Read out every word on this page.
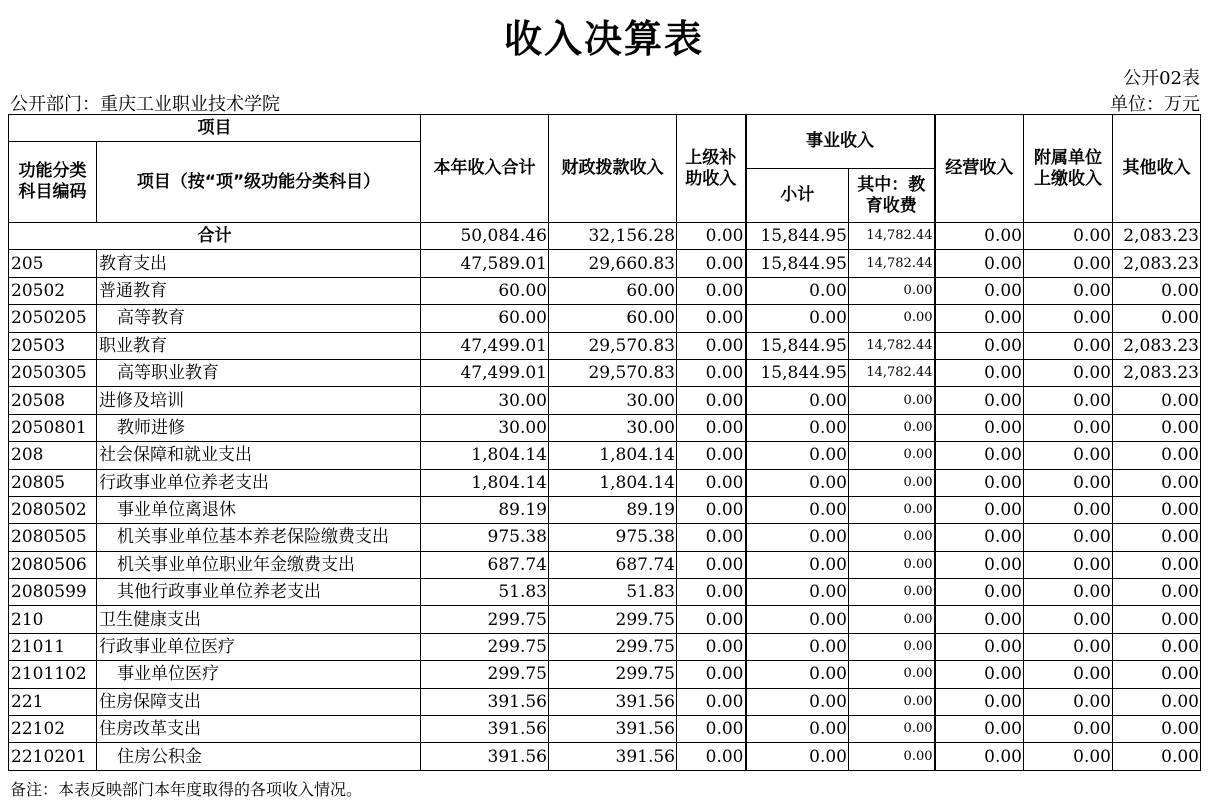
收入决算表
公开02表
公开部门：重庆工业职业技术学院	单位：万元
项目		本年收入合计	财政拨款收入	上级补助收入	事业收入		经营收入	附属单位上缴收入	其他收入
功能分类科目编码	项目（按“项”级功能分类科目）								
					小计	其中：教育收费			
合计		50,084.46	32,156.28	0.00	15,844.95	14,782.44	0.00	0.00	2,083.23
205	教育支出	47,589.01	29,660.83	0.00	15,844.95	14,782.44	0.00	0.00	2,083.23
20502	普通教育	60.00	60.00	0.00	0.00	0.00	0.00	0.00	0.00
2050205	高等教育	60.00	60.00	0.00	0.00	0.00	0.00	0.00	0.00
20503	职业教育	47,499.01	29,570.83	0.00	15,844.95	14,782.44	0.00	0.00	2,083.23
2050305	高等职业教育	47,499.01	29,570.83	0.00	15,844.95	14,782.44	0.00	0.00	2,083.23
20508	进修及培训	30.00	30.00	0.00	0.00	0.00	0.00	0.00	0.00
2050801	教师进修	30.00	30.00	0.00	0.00	0.00	0.00	0.00	0.00
208	社会保障和就业支出	1,804.14	1,804.14	0.00	0.00	0.00	0.00	0.00	0.00
20805	行政事业单位养老支出	1,804.14	1,804.14	0.00	0.00	0.00	0.00	0.00	0.00
2080502	事业单位离退休	89.19	89.19	0.00	0.00	0.00	0.00	0.00	0.00
2080505	机关事业单位基本养老保险缴费支出	975.38	975.38	0.00	0.00	0.00	0.00	0.00	0.00
2080506	机关事业单位职业年金缴费支出	687.74	687.74	0.00	0.00	0.00	0.00	0.00	0.00
2080599	其他行政事业单位养老支出	51.83	51.83	0.00	0.00	0.00	0.00	0.00	0.00
210	卫生健康支出	299.75	299.75	0.00	0.00	0.00	0.00	0.00	0.00
21011	行政事业单位医疗	299.75	299.75	0.00	0.00	0.00	0.00	0.00	0.00
2101102	事业单位医疗	299.75	299.75	0.00	0.00	0.00	0.00	0.00	0.00
221	住房保障支出	391.56	391.56	0.00	0.00	0.00	0.00	0.00	0.00
22102	住房改革支出	391.56	391.56	0.00	0.00	0.00	0.00	0.00	0.00
2210201	住房公积金	391.56	391.56	0.00	0.00	0.00	0.00	0.00	0.00
备注：本表反映部门本年度取得的各项收入情况。
